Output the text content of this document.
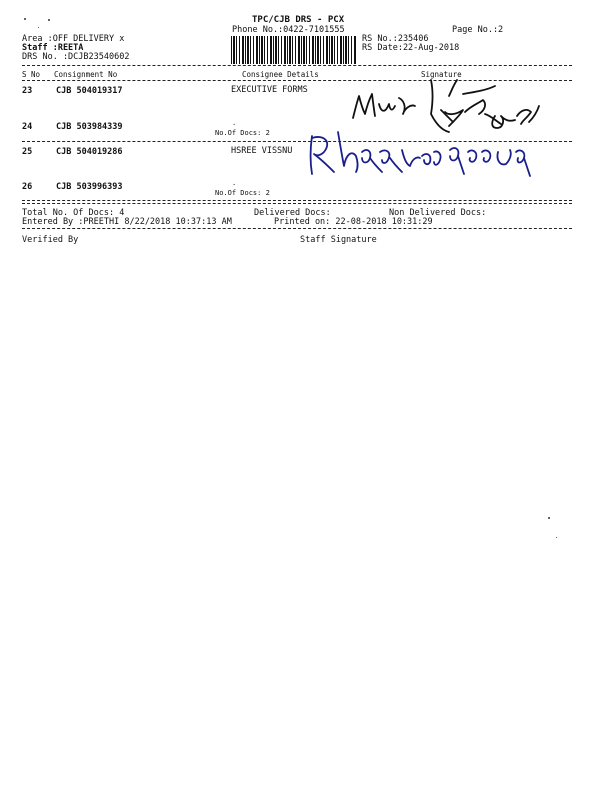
TPC/CJB DRS - PCX
Phone No.:0422-7101555	Page No.:2
Area :OFF DELIVERY x
Staff :REETA
DRS No. :DCJB23540602
RS No.:235406
RS Date:22-Aug-2018
S No Consignment No	Consignee Details	Signature
23	CJB 504019317	EXECUTIVE FORMS
24	CJB 503984339	·
No.Of Docs: 2
25	CJB 504019286	HSREE VISSNU
26	CJB 503996393	·
No.Of Docs: 2
Total No. Of Docs: 4	Delivered Docs:	Non Delivered Docs:
Entered By :PREETHI 8/22/2018 10:37:13 AM	Printed on: 22-08-2018 10:31:29
Verified By	Staff Signature
